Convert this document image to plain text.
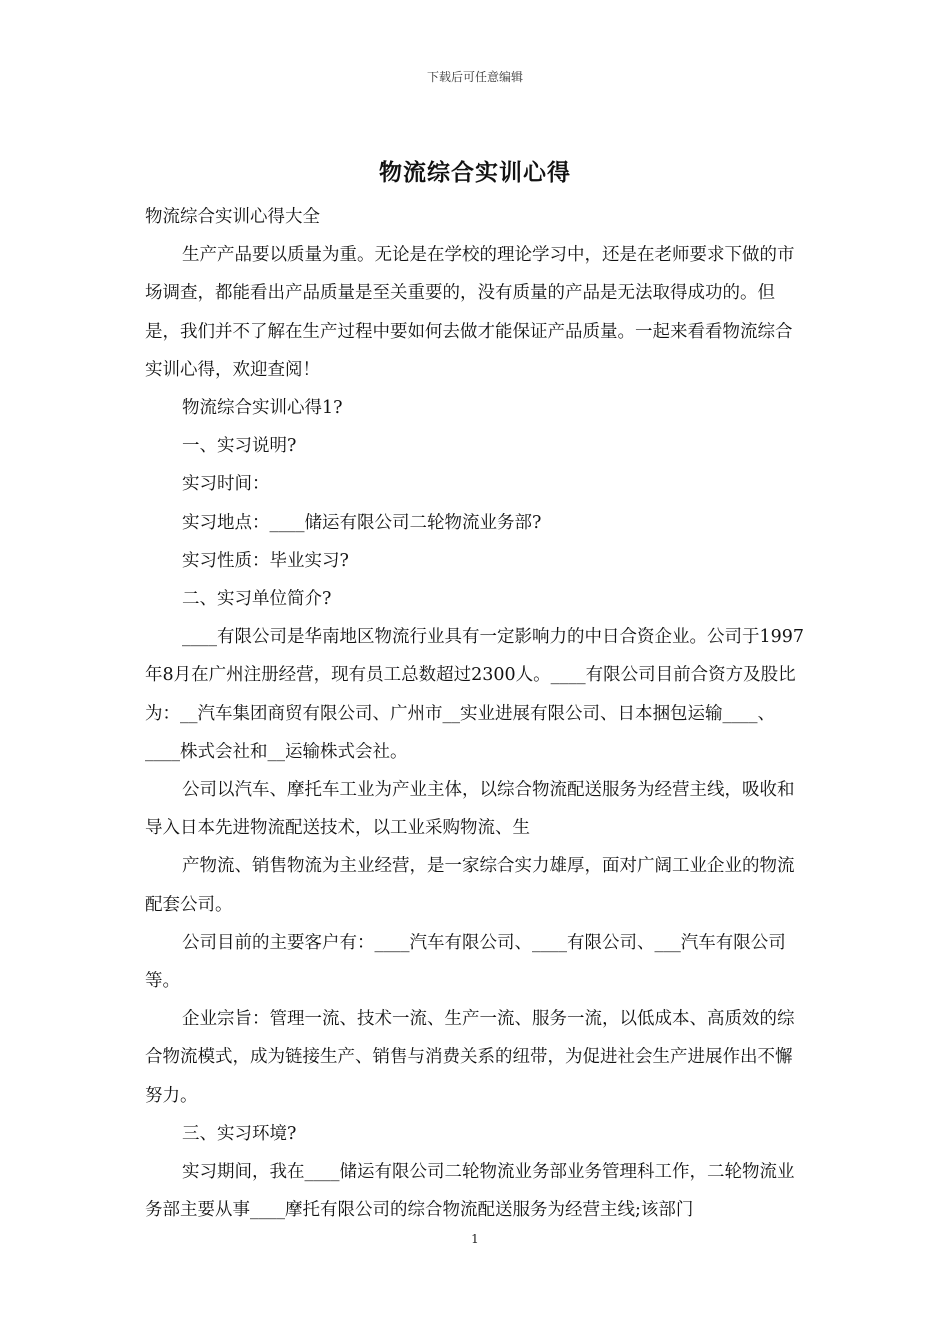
下载后可任意编辑
物流综合实训心得

物流综合实训心得大全

生产产品要以质量为重。无论是在学校的理论学习中，还是在老师要求下做的市场调查，都能看出产品质量是至关重要的，没有质量的产品是无法取得成功的。但是，我们并不了解在生产过程中要如何去做才能保证产品质量。一起来看看物流综合实训心得，欢迎查阅！

物流综合实训心得1?

一、实习说明?

实习时间：

实习地点：____储运有限公司二轮物流业务部?

实习性质：毕业实习?

二、实习单位简介?

____有限公司是华南地区物流行业具有一定影响力的中日合资企业。公司于1997年8月在广州注册经营，现有员工总数超过2300人。____有限公司目前合资方及股比为：__汽车集团商贸有限公司、广州市__实业进展有限公司、日本捆包运输____、____株式会社和__运输株式会社。

公司以汽车、摩托车工业为产业主体，以综合物流配送服务为经营主线，吸收和导入日本先进物流配送技术，以工业采购物流、生

产物流、销售物流为主业经营，是一家综合实力雄厚，面对广阔工业企业的物流配套公司。

公司目前的主要客户有：____汽车有限公司、____有限公司、___汽车有限公司等。

企业宗旨：管理一流、技术一流、生产一流、服务一流，以低成本、高质效的综合物流模式，成为链接生产、销售与消费关系的纽带，为促进社会生产进展作出不懈努力。

三、实习环境?

实习期间，我在____储运有限公司二轮物流业务部业务管理科工作，二轮物流业务部主要从事____摩托有限公司的综合物流配送服务为经营主线;该部门

1
